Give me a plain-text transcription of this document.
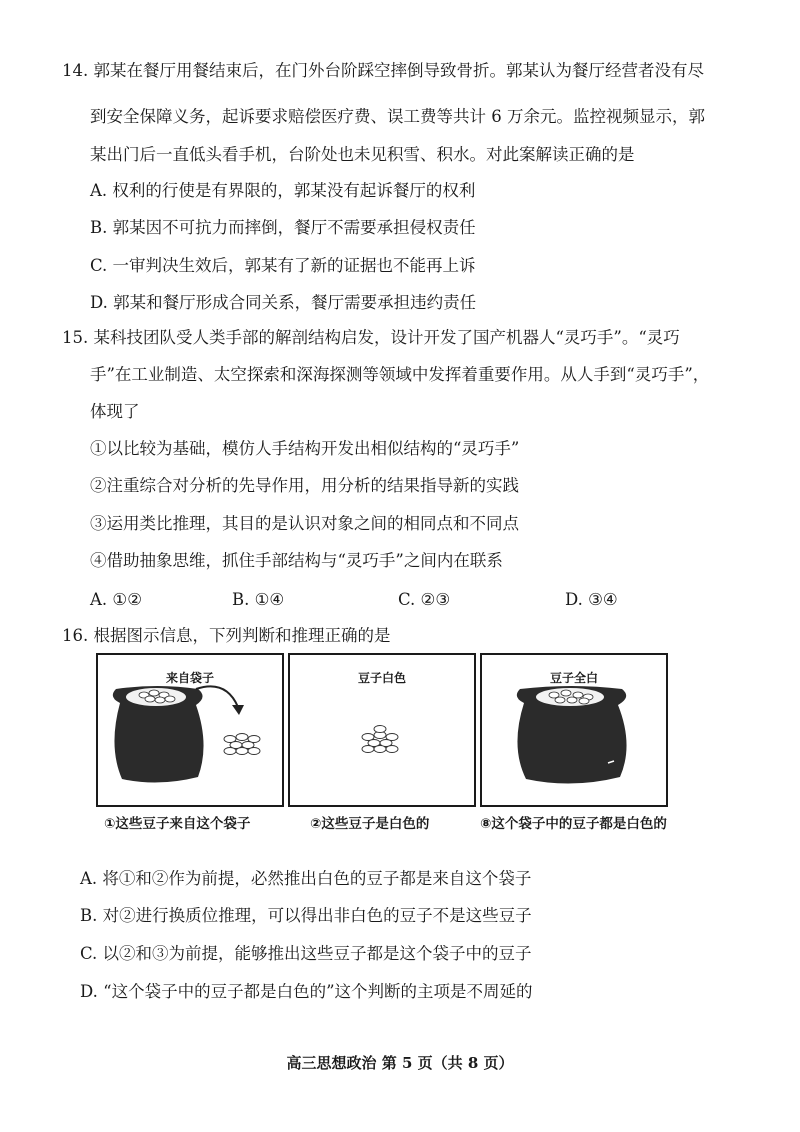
14. 郭某在餐厅用餐结束后，在门外台阶踩空摔倒导致骨折。郭某认为餐厅经营者没有尽
到安全保障义务，起诉要求赔偿医疗费、误工费等共计 6 万余元。监控视频显示，郭
某出门后一直低头看手机，台阶处也未见积雪、积水。对此案解读正确的是
A. 权利的行使是有界限的，郭某没有起诉餐厅的权利
B. 郭某因不可抗力而摔倒，餐厅不需要承担侵权责任
C. 一审判决生效后，郭某有了新的证据也不能再上诉
D. 郭某和餐厅形成合同关系，餐厅需要承担违约责任
15. 某科技团队受人类手部的解剖结构启发，设计开发了国产机器人“灵巧手”。“灵巧
手”在工业制造、太空探索和深海探测等领域中发挥着重要作用。从人手到“灵巧手”，
体现了
①以比较为基础，模仿人手结构开发出相似结构的“灵巧手”
②注重综合对分析的先导作用，用分析的结果指导新的实践
③运用类比推理，其目的是认识对象之间的相同点和不同点
④借助抽象思维，抓住手部结构与“灵巧手”之间内在联系
A. ①②	B. ①④	C. ②③	D. ③④
16. 根据图示信息，下列判断和推理正确的是
来自袋子	豆子白色	豆子全白
①这些豆子来自这个袋子	②这些豆子是白色的	⑧这个袋子中的豆子都是白色的
A. 将①和②作为前提，必然推出白色的豆子都是来自这个袋子
B. 对②进行换质位推理，可以得出非白色的豆子不是这些豆子
C. 以②和③为前提，能够推出这些豆子都是这个袋子中的豆子
D. “这个袋子中的豆子都是白色的”这个判断的主项是不周延的
高三思想政治 第 5 页（共 8 页）
